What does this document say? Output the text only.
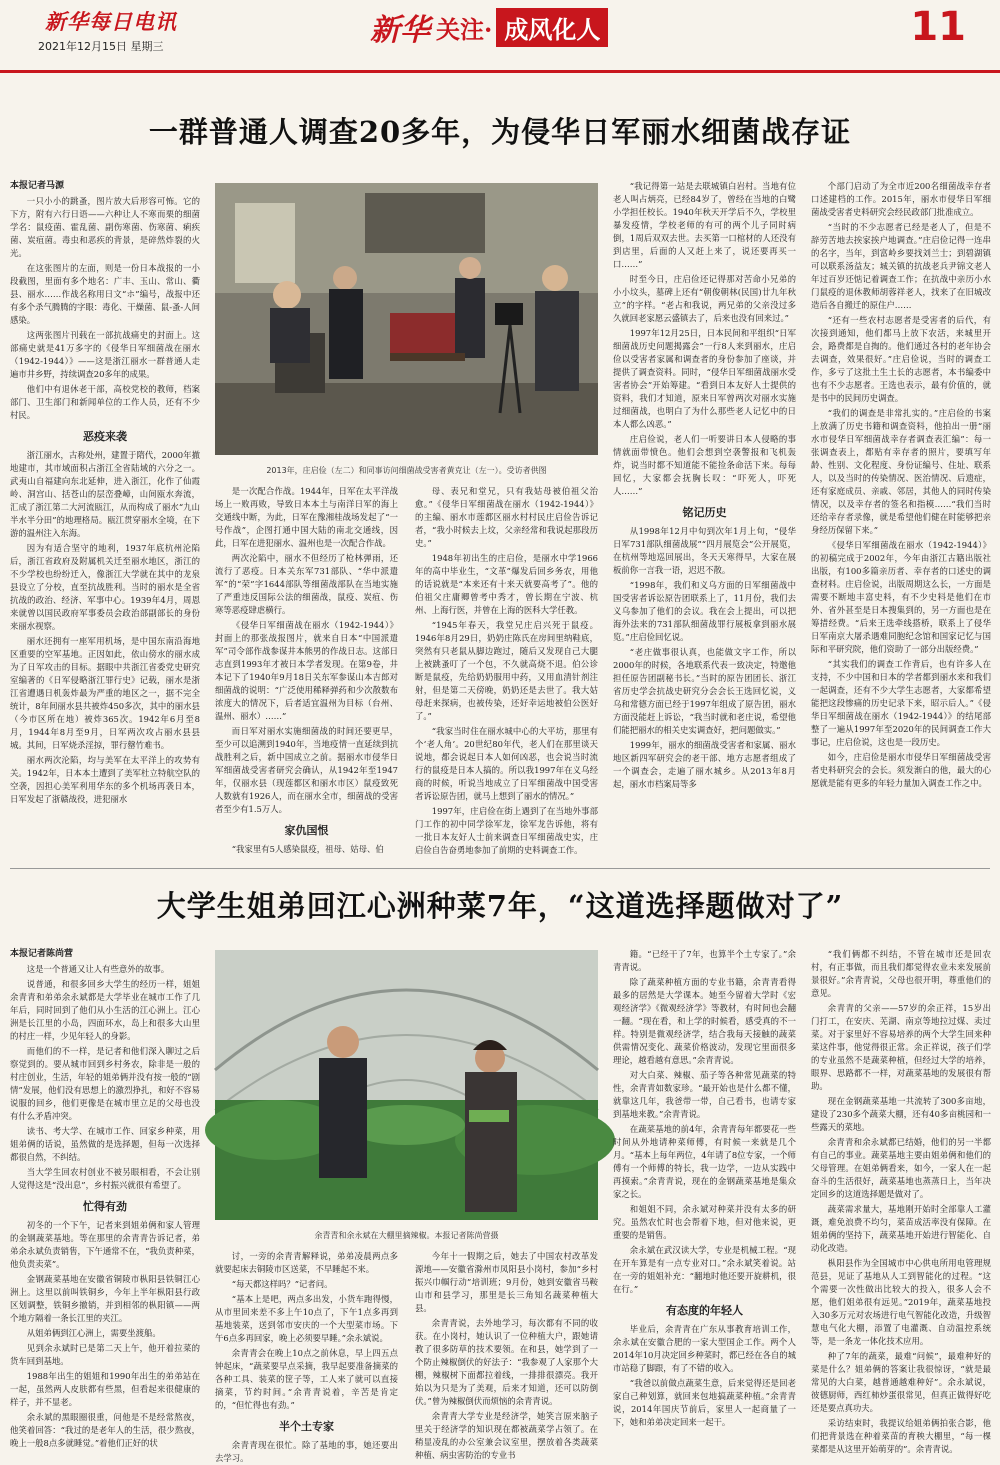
新华每日电讯
2021年12月15日 星期三	新华 关注· 成风化人	11
一群普通人调查20多年，为侵华日军丽水细菌战存证

本报记者马源

一只小小的跳蚤，图片放大后形容可怖。它的下方，附有六行日语——六种让人不寒而栗的细菌学名：鼠疫菌、霍乱菌、副伤寒菌、伤寒菌、痢疾菌、炭疽菌。毒虫和恶疾的背景，是碎然炸裂的火光。

在这张图片的左面，则是一份日本战报的一小段截图，里面有多个地名：广丰、玉山、常山、衢县、丽水……作战名称用日文“ホ”编号，战报中还有多个杀气腾腾的字眼：毒化、干燥菌、鼠-蚤-人间感染。

这两张图片刊载在一部抗战痛史的封面上。这部痛史就是41万多字的《侵华日军细菌战在丽水（1942-1944）》——这是浙江丽水一群普通人走遍市井乡野，持续调查20多年的成果。

他们中有退休老干部，高校党校的教师，档案部门、卫生部门和新闻单位的工作人员，还有不少村民。

恶疫来袭

浙江丽水，古称处州，建置于隋代，2000年撤地建市，其市域面积占浙江全省陆域的六分之一。武夷山自福建向东北延伸，进入浙江，化作了仙霞岭、洞宫山、括苍山的层峦叠嶂，山间瓯水奔流，汇成了浙江第二大河流瓯江，从而构成了丽水“九山半水半分田”的地理格局。瓯江贯穿丽水全境，在下游的温州注入东海。

因为有适合坚守的地利，1937年底杭州沦陷后，浙江省政府及附属机关迁至丽水地区，浙江的不少学校也纷纷迁入，像浙江大学就在其中的龙泉县设立了分校，直至抗战胜利。当时的丽水是全省抗战的政治、经济、军事中心。1939年4月，周恩来就曾以国民政府军事委员会政治部副部长的身份来丽水视察。

丽水还拥有一座军用机场，是中国东南沿海地区重要的空军基地。正因如此，依山傍水的丽水成为了日军攻击的目标。据眼中共浙江省委党史研究室编著的《日军侵略浙江罪行史》记载，丽水是浙江省遭遇日机轰炸最为严重的地区之一，据不完全统计，8年间丽水县共被炸450多次，其中的丽水县（今市区所在地）被炸365次。1942年6月至8月，1944年8月至9月，日军两次攻占丽水县县城。其间，日军烧杀淫掠，罪行罄竹难书。

丽水两次沦陷，均与美军在太平洋上的攻势有关。1942年，日本本土遭到了美军杜立特航空队的空袭，因担心美军利用华东的多个机场再袭日本，日军发起了浙赣战役，进犯丽水

2013年，庄启俭（左二）和同事访问细菌战受害者黄克让（左一）。受访者供图

是一次配合作战。1944年，日军在太平洋战场上一败再败，导致日本本土与南洋日军的海上交通线中断，为此，日军在豫湘桂战场发起了“一号作战”，企图打通中国大陆的南北交通线，因此，日军在进犯丽水、温州也是一次配合作战。

两次沦陷中，丽水不但经历了枪林弹雨，还流行了恶疫。日本关东军731部队、“华中派遣军”的“荣”字1644部队等细菌战部队在当地实施了严重违反国际公法的细菌战，鼠疫、炭疽、伤寒等恶疫肆虐横行。

《侵华日军细菌战在丽水（1942-1944）》封面上的那张战报图片，就来自日本“中国派遣军”司令部作战参谋井本熊男的作战日志。这部日志直到1993年才被日本学者发现。在第9卷，井本记下了1940年9月18日关东军参谋山本吉郎对细菌战的说明：“广泛使用稀释弹药和少次散数布浓度大的情况下，后者适宜温州为目标（台州、温州、丽水）……”

而日军对丽水实施细菌战的时间还要更早，至少可以追溯到1940年，当地疫情一直延续到抗战胜利之后，新中国成立之前。据丽水市侵华日军细菌战受害者研究会确认，从1942年至1947年，仅丽水县（现莲都区和丽水市区）鼠疫致死人数就有1926人，而在丽水全市，细菌战的受害者至少有1.5万人。

家仇国恨

“我家里有5人感染鼠疫，祖母、姑母、伯

母、表兄和堂兄，只有我姑母被伯祖父治愈。”《侵华日军细菌战在丽水（1942-1944）》的主编、丽水市莲都区丽水村村民庄启俭告诉记者，“我小时候去上坟，父亲经常和我说起那段历史。”

1948年初出生的庄启俭，是丽水中学1966年的高中毕业生，“文革”爆发后回乡务农，用他的话说就是“本来还有十来天就要高考了”。他的伯祖父庄庸卿曾考中秀才，曾长期在宁波、杭州、上海行医，并曾在上海的医科大学任教。

“1945年春天，我堂兄庄启兴死于鼠疫。1946年8月29日，奶奶庄陈氏在房间里纳鞋底，突然有只老鼠从脚边跑过，随后又发现自己大腿上被跳蚤叮了一个包，不久就高烧不退。伯公诊断是鼠疫，先给奶奶服用中药，又用血清针剂注射，但是第二天傍晚，奶奶还是去世了。我大姑母赶来探病，也被传染，还好幸运地被伯公医好了。”

“我家当时住在丽水城中心的大平坊，那里有个‘老人角’。20世纪80年代，老人们在那里谈天说地，都会说起日本人如何凶恶，也会说当时流行的鼠疫是日本人搞的。所以我1997年在义乌经商的时候，听说当地成立了日军细菌战中国受害者诉讼原告团，就马上想到了丽水的情况。”

1997年，庄启俭在街上遇到了在当地外事部门工作的初中同学徐军龙，徐军龙告诉他，将有一批日本友好人士前来调查日军细菌战史实，庄启俭自告奋勇地参加了前期的史料调查工作。

“我记得第一站是去联城镇白岩村。当地有位老人叫占炳亮，已经84岁了，曾经在当地的白鹭小学担任校长。1940年秋天开学后不久，学校里暴发疫情，学校老师的有可的两个儿子同时病倒，1周后双双去世。去买第一口棺材的人还没有到店里，后面的人又赶上来了，说还要再买一口……”

时至今日，庄启俭还记得那对苦命小兄弟的小小坟头，墓碑上还有“朝俊朝林(民国)廿九年秋立”的字样。“老占和我说，两兄弟的父亲没过多久就回老家愿云盛镇去了，后来也没有回来过。”

1997年12月25日，日本民间和平组织“日军细菌战历史问题揭露会”一行8人来到丽水，庄启俭以受害者家属和调查者的身份参加了座谈，并提供了调查资料。同时，“侵华日军细菌战丽水受害者协会”开始筹建。“看到日本友好人士提供的资料，我们才知道，原来日军曾两次对丽水实施过细菌战，也明白了为什么那些老人记忆中的日本人都么凶恶。”

庄启俭说，老人们一听要讲日本人侵略的事情就面带愤色。他们会想到空袭警报和飞机轰炸，说当时都不知道能不能捡条命活下来。每每回忆，大家都会抚胸长叹：“吓死人，吓死人……”

铭记历史

从1998年12月中旬到次年1月上旬，“侵华日军731部队细菌战展”“四月展览会”公开展览，在杭州等地巡回展出，冬天天寒得早，大家在展板前你一言我一语，迟迟不散。

“1998年，我们和义乌方面的日军细菌战中国受害者诉讼原告团联系上了，11月份，我们去义乌参加了他们的会议。我在会上提出，可以把海外法来的731部队细菌战罪行展板拿到丽水展览。”庄启俭回忆说。

“老庄做事很认真，也能做文字工作，所以2000年的时候，各地联系代表一致决定，特邀他担任原告团副秘书长。”当时的原告团团长、浙江省历史学会抗战史研究分会会长王选回忆说，义乌和常德方面已经于1997年组成了原告团，丽水方面没能赶上诉讼，“我当时就和老庄说，希望他们能把丽水的相关史实调查好，把问题做实。”

1999年，丽水的细菌战受害者和家属、丽水地区新四军研究会的老干部、地方志愿者组成了一个调查会，走遍了丽水城乡。从2013年8月起，丽水市档案局等多

个部门启动了为全市近200名细菌战幸存者口述建档的工作。2015年，丽水市侵华日军细菌战受害者史料研究会经民政部门批准成立。

“当时的不少志愿者已经是老人了，但是不辞劳苦地去挨家挨户地调查。”庄启俭记得一连串的名字，当年，到富岭乡要找刘兰士；到碧湖镇可以联系汤益友；城关镇的抗战老兵尹锦文老人年过百岁还惦记着调查工作；在抗战中亲历小水门鼠疫的退休教师胡蓉祥老人，找来了在旧城改造后各自搬迁的原住户……

“还有一些农村志愿者是受害者的后代，有次接到通知，他们都马上放下农活，来城里开会，路费都是自掏的。他们通过各村的老年协会去调查，效果很好。”庄启俭说，当时的调查工作，多亏了这批土生土长的志愿者，本书编委中也有不少志愿者。王选也表示，最有价值的，就是书中的民间历史调查。

“我们的调查是非常扎实的。”庄启俭的书案上放满了历史书籍和调查资料，他拍出一册“丽水市侵华日军细菌战幸存者调查表汇编”：每一张调查表上，都贴有幸存者的照片，要填写年龄、性别、文化程度、身份证编号、住址、联系人，以及当时的传染情况、医治情况、后遗症，还有家庭成员、亲戚、邻居，其他人的同时传染情况，以及幸存者的签名和指模……“我们当时还给幸存者录像，就是希望他们健在时能够把亲身经历保留下来。”

《侵华日军细菌战在丽水（1942-1944）》的初稿完成于2002年，今年由浙江古籍出版社出版，有100多篇亲历者、幸存者的口述史的调查材料。庄启俭说，出版周期这么长，一方面是需要不断地丰富史料，有不少史料是他们在市外、省外甚至是日本搜集到的，另一方面也是在筹措经费。“后来王选牵线搭桥，联系上了侵华日军南京大屠杀遇难同胞纪念馆和国家记忆与国际和平研究院，他们资助了一部分出版经费。”

“其实我们的调查工作背后，也有许多人在支持，不少中国和日本的学者都到丽水来和我们一起调查，还有不少大学生志愿者，大家都希望能把这段惨痛的历史记录下来，昭示后人。”《侵华日军细菌战在丽水（1942-1944）》的结尾部整了一遍从1997年至2020年的民间调查工作大事记，庄启俭说，这也是一段历史。

如今，庄启俭是丽水市侵华日军细菌战受害者史料研究会的会长。须发渐白的他，最大的心愿就是能有更多的年轻力量加入调查工作之中。

大学生姐弟回江心洲种菜7年，“这道选择题做对了”

本报记者陈尚营

这是一个普通又让人有些意外的故事。

说普通，和很多回乡大学生的经历一样，姐姐余青青和弟弟余永斌都是大学毕业在城市工作了几年后，同时回到了他们从小生活的江心洲上。江心洲是长江里的小岛，四面环水，岛上和很多大山里的村庄一样，少见年轻人的身影。

而他们的不一样，是记者和他们深入聊过之后察觉到的。要从城市回到乡村务农，除非是一般的村庄创业，生活，年轻的姐弟俩并没有按一般的“剧情”发展，他们没有思想上的激烈挣扎，和好不容易说服的回乡，他们更像是在城市里立足的父母也没有什么矛盾冲突。

读书、考大学、在城市工作、回家乡种菜，用姐弟俩的话说，虽然做的是选择题，但每一次选择都很自然，不纠结。

当大学生回农村创业不被另眼相看，不会让别人觉得这是“没出息”，乡村振兴就很有希望了。

忙得有劲

初冬的一个下午，记者来到姐弟俩和家人管理的金钢蔬菜基地。等在那里的余青青告诉记者，弟弟余永斌负责销售，下午通常不在，“我负责种菜，他负责卖菜”。

金钢蔬菜基地在安徽省铜陵市枞阳县铁铜江心洲上。这里以前叫铁铜乡，今年上半年枞阳县行政区划调整，铁铜乡撤销，并到相邻的枞阳镇——两个地方隔着一条长江里的夹江。

从姐弟俩到江心洲上，需要坐渡船。

见到余永斌时已是第二天上午，他开着拉菜的货车回到基地。

1988年出生的姐姐和1990年出生的弟弟站在一起，虽然两人皮肤都有些黑，但看起来很健康的样子，并不显老。

余永斌的黑眼圈很重，问他是不是经常熬夜，他笑着回答：“我过的是老年人的生活，很少熬夜，晚上一般8点多就睡觉。”着他们正好的状

余青青和余永斌在大棚里摘辣椒。本报记者陈尚营摄

讨，一旁的余青青解释说，弟弟凌晨两点多就要起床去铜陵市区送菜，不早睡起不来。

“每天都这样吗？”记者问。

“基本上是吧，两点多出发，小货车跑得慢，从市里回来差不多上午10点了，下午1点多再到基地装菜，送到邻市安庆的一个大型菜市场。下午6点多再回家，晚上必须要早睡。”余永斌说。

余青青会在晚上10点之前休息，早上四五点钟起床，“蔬菜要早点采摘，我早起要准备摘菜的各种工具、装菜的筐子等，工人来了就可以直接摘菜，节约时间。”余青青说着，辛苦是肯定的，“但忙得也有劲。”

半个土专家

余青青现在很忙。除了基地的事，她还要出去学习。

今年十一假期之后，她去了中国农村改革发源地——安徽省滁州市凤阳县小岗村，参加“乡村振兴巾帼行动”培训班；9月份，她到安徽省马鞍山市和县学习，那里是长三角知名蔬菜种植大县。

余青青说，去外地学习，每次都有不同的收获。在小岗村，她认识了一位种植大户，跟她请教了很多防草的技术要领。在和县，她学到了一个防止辣椒倒伏的好法子：“我参观了人家那个大棚，辣椒树下面都拉着线，一排排很漂亮。我开始以为只是为了美观，后来才知道，还可以防倒伏。”曾为辣椒倒伏而烦恼的余青青说。

余青青大学专业是经济学，她笑言原来脑子里关于经济学的知识现在都被蔬菜学占领了。在稍显凌乱的办公室兼会议室里，摆放着各类蔬菜种植、病虫害防治的专业书

籍。“已经干了7年，也算半个土专家了。”余青青说。

除了蔬菜种植方面的专业书籍，余青青看得最多的居然是大学课本。她至今留着大学时《宏观经济学》《微观经济学》等教材，有时间也会翻一翻。“现在看，和上学的时候看，感受真的不一样。特别是微观经济学，结合我每天接触的蔬菜供需情况变化、蔬菜价格波动，发现它里面很多理论，越看越有意思。”余青青说。

对大白菜、辣椒、茄子等各种常见蔬菜的特性，余青青如数家珍。“最开始也是什么都不懂，就靠这几年，我爸带一带，自己看书，也请专家到基地来教。”余青青说。

在蔬菜基地的前4年，余青青每年都要花一些时间从外地请种菜师傅，有时候一来就是几个月。“基本上每年两位，4年请了8位专家，一个师傅有一个师傅的特长，我一边学，一边从实践中再摸索。”余青青说，现在的金钢蔬菜基地是集众家之长。

和姐姐不同，余永斌对种菜并没有太多的研究。虽然农忙时也会帮着下地，但对他来说，更重要的是销售。

余永斌在武汉读大学，专业是机械工程。“现在开车算是有一点专业对口。”余永斌笑着说。站在一旁的姐姐补充：“翻地时他还要开旋耕机，很在行。”

有态度的年轻人

毕业后，余青青在广东从事教育培训工作，余永斌在安徽合肥的一家大型国企工作。两个人2014年10月决定回乡种菜时，都已经在各自的城市站稳了脚跟，有了不错的收入。

“我爸以前做点蔬菜生意，后来觉得还是回老家自己种划算，就回来包地搞蔬菜种植。”余青青说，2014年国庆节前后，家里人一起商量了一下，她和弟弟决定回来一起干。

“我们俩都不纠结，不管在城市还是回农村，有正事做，而且我们都觉得农业未来发展前景很好。”余青青说，父母也很开明，尊重他们的意见。

余青青的父亲——57岁的余正祥，15岁出门打工，在安庆、芜湖、南京等地拉过煤、卖过菜。对于家里好不容易培养的两个大学生回来种菜这件事，他觉得很正常。余正祥说，孩子们学的专业虽然不是蔬菜种植，但经过大学的培养，眼界、思路都不一样，对蔬菜基地的发展很有帮助。

现在金钢蔬菜基地一共流转了300多亩地，建设了230多个蔬菜大棚，还有40多亩桃园和一些露天的菜地。

余青青和余永斌都已结婚，他们的另一半都有自己的事业。蔬菜基地主要由姐弟俩和他们的父母管理。在姐弟俩看来，如今，一家人在一起奋斗的生活很好，蔬菜基地也蒸蒸日上，当年决定回乡的这道选择题是做对了。

蔬菜需求量大，基地刚开始时全部靠人工灌溉，难免浪费不均匀，菜苗成活率没有保障。在姐弟俩的坚持下，蔬菜基地开始进行智能化、自动化改造。

枞阳县作为全国城市中心供电所用电管理规范县，见证了基地从人工到智能化的过程。“这个需要一次性做出比较大的投入，很多人会不愿，他们姐弟很有远见。”2019年，蔬菜基地投入30多万元对农场进行电气智能化改造，升级智慧电气化大棚，添置了电灌溉、自动温控系统等，是一条龙一体化技术应用。

种了7年的蔬菜，最难“问候”，最难种好的菜是什么？姐弟俩的答案让我很惊讶，“就是最常见的大白菜，越普通越难种好”。余永斌说，彼德厨师，西红柿炒蛋很常见，但真正做得好吃还是要点真功夫。

采访结束时，我提议给姐弟俩拍张合影，他们把背景选在种着菜苗的育秧大棚里，“每一棵菜都是从这里开始萌芽的”。余青青说。
